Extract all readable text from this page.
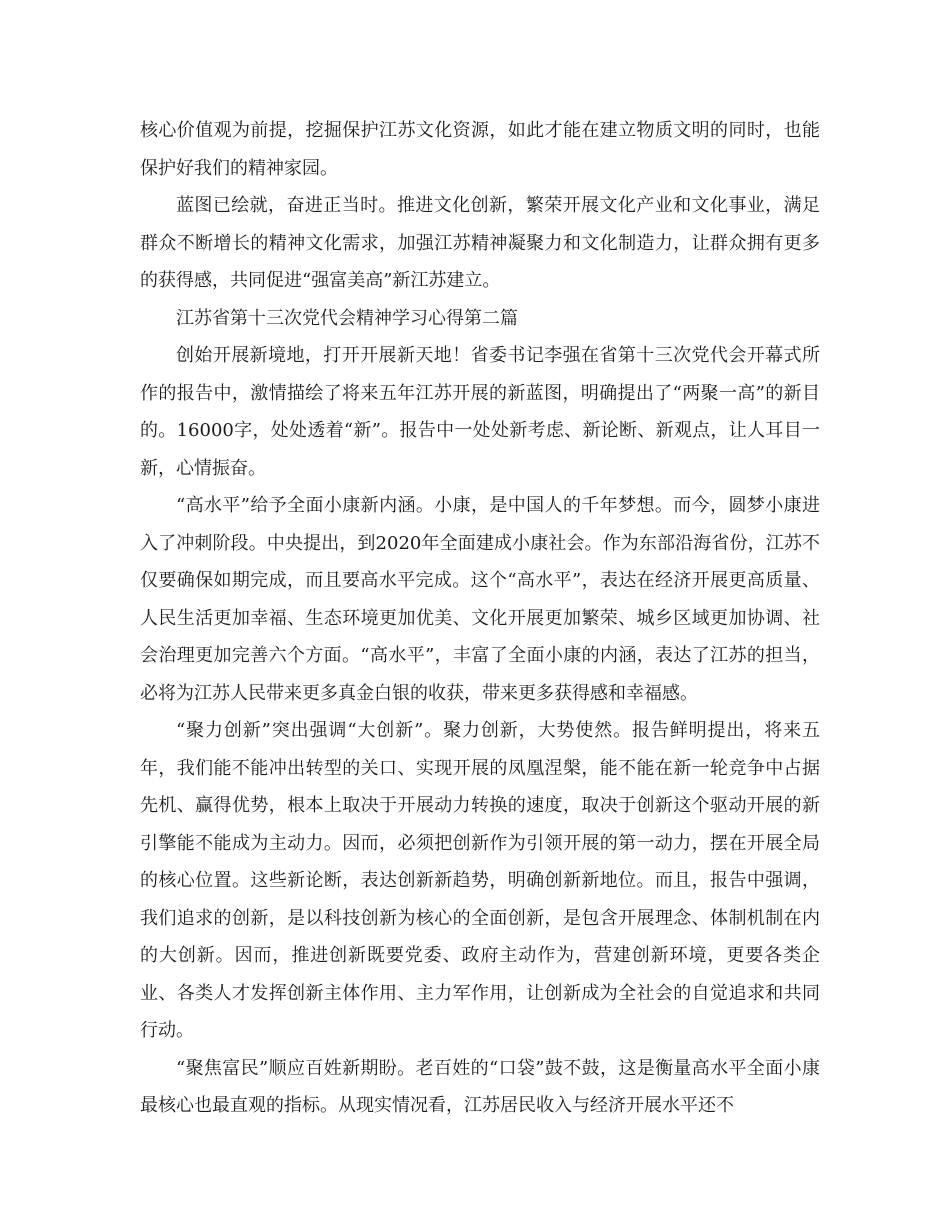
核心价值观为前提，挖掘保护江苏文化资源，如此才能在建立物质文明的同时，也能保护好我们的精神家园。

蓝图已绘就，奋进正当时。推进文化创新，繁荣开展文化产业和文化事业，满足群众不断增长的精神文化需求，加强江苏精神凝聚力和文化制造力，让群众拥有更多的获得感，共同促进“强富美高”新江苏建立。

江苏省第十三次党代会精神学习心得第二篇

创始开展新境地，打开开展新天地！省委书记李强在省第十三次党代会开幕式所作的报告中，激情描绘了将来五年江苏开展的新蓝图，明确提出了“两聚一高”的新目的。16000字，处处透着“新”。报告中一处处新考虑、新论断、新观点，让人耳目一新，心情振奋。

“高水平”给予全面小康新内涵。小康，是中国人的千年梦想。而今，圆梦小康进入了冲刺阶段。中央提出，到2020年全面建成小康社会。作为东部沿海省份，江苏不仅要确保如期完成，而且要高水平完成。这个“高水平”，表达在经济开展更高质量、人民生活更加幸福、生态环境更加优美、文化开展更加繁荣、城乡区域更加协调、社会治理更加完善六个方面。“高水平”，丰富了全面小康的内涵，表达了江苏的担当，必将为江苏人民带来更多真金白银的收获，带来更多获得感和幸福感。

“聚力创新”突出强调“大创新”。聚力创新，大势使然。报告鲜明提出，将来五年，我们能不能冲出转型的关口、实现开展的凤凰涅槃，能不能在新一轮竞争中占据先机、赢得优势，根本上取决于开展动力转换的速度，取决于创新这个驱动开展的新引擎能不能成为主动力。因而，必须把创新作为引领开展的第一动力，摆在开展全局的核心位置。这些新论断，表达创新新趋势，明确创新新地位。而且，报告中强调，我们追求的创新，是以科技创新为核心的全面创新，是包含开展理念、体制机制在内的大创新。因而，推进创新既要党委、政府主动作为，营建创新环境，更要各类企业、各类人才发挥创新主体作用、主力军作用，让创新成为全社会的自觉追求和共同行动。

“聚焦富民”顺应百姓新期盼。老百姓的“口袋”鼓不鼓，这是衡量高水平全面小康最核心也最直观的指标。从现实情况看，江苏居民收入与经济开展水平还不
